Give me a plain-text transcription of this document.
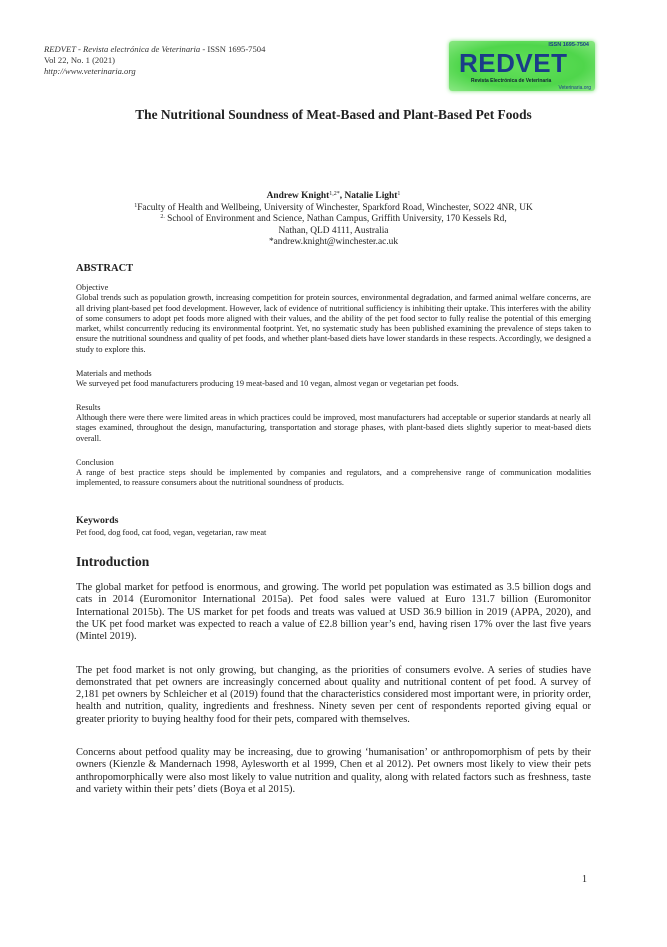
REDVET - Revista electrónica de Veterinaria - ISSN 1695-7504
Vol 22, No. 1 (2021)
http://www.veterinaria.org
ISSN 1695-7504
REDVET
Revista Electrónica de Veterinaria
Veterinaria.org
The Nutritional Soundness of Meat-Based and Plant-Based Pet Foods
Andrew Knight$^{1,2*}$, Natalie Light$^1$
$^1$Faculty of Health and Wellbeing, University of Winchester, Sparkford Road, Winchester, SO22 4NR, UK
$^{2.}$ School of Environment and Science, Nathan Campus, Griffith University, 170 Kessels Rd,
Nathan, QLD 4111, Australia
*andrew.knight@winchester.ac.uk
ABSTRACT
Objective
Global trends such as population growth, increasing competition for protein sources, environmental degradation, and farmed animal welfare concerns, are all driving plant-based pet food development. However, lack of evidence of nutritional sufficiency is inhibiting their uptake. This interferes with the ability of some consumers to adopt pet foods more aligned with their values, and the ability of the pet food sector to fully realise the potential of this emerging market, whilst concurrently reducing its environmental footprint. Yet, no systematic study has been published examining the prevalence of steps taken to ensure the nutritional soundness and quality of pet foods, and whether plant-based diets have lower standards in these respects. Accordingly, we designed a study to explore this.
Materials and methods
We surveyed pet food manufacturers producing 19 meat-based and 10 vegan, almost vegan or vegetarian pet foods.
Results
Although there were there were limited areas in which practices could be improved, most manufacturers had acceptable or superior standards at nearly all stages examined, throughout the design, manufacturing, transportation and storage phases, with plant-based diets slightly superior to meat-based diets overall.
Conclusion
A range of best practice steps should be implemented by companies and regulators, and a comprehensive range of communication modalities implemented, to reassure consumers about the nutritional soundness of products.
Keywords
Pet food, dog food, cat food, vegan, vegetarian, raw meat
Introduction
The global market for petfood is enormous, and growing. The world pet population was estimated as 3.5 billion dogs and cats in 2014 (Euromonitor International 2015a). Pet food sales were valued at Euro 131.7 billion (Euromonitor International 2015b). The US market for pet foods and treats was valued at USD 36.9 billion in 2019 (APPA, 2020), and the UK pet food market was expected to reach a value of £2.8 billion year’s end, having risen 17% over the last five years (Mintel 2019).
The pet food market is not only growing, but changing, as the priorities of consumers evolve. A series of studies have demonstrated that pet owners are increasingly concerned about quality and nutritional content of pet food. A survey of 2,181 pet owners by Schleicher et al (2019) found that the characteristics considered most important were, in priority order, health and nutrition, quality, ingredients and freshness. Ninety seven per cent of respondents reported giving equal or greater priority to buying healthy food for their pets, compared with themselves.
Concerns about petfood quality may be increasing, due to growing ‘humanisation’ or anthropomorphism of pets by their owners (Kienzle & Mandernach 1998, Aylesworth et al 1999, Chen et al 2012). Pet owners most likely to view their pets anthropomorphically were also most likely to value nutrition and quality, along with related factors such as freshness, taste and variety within their pets’ diets (Boya et al 2015).
1
